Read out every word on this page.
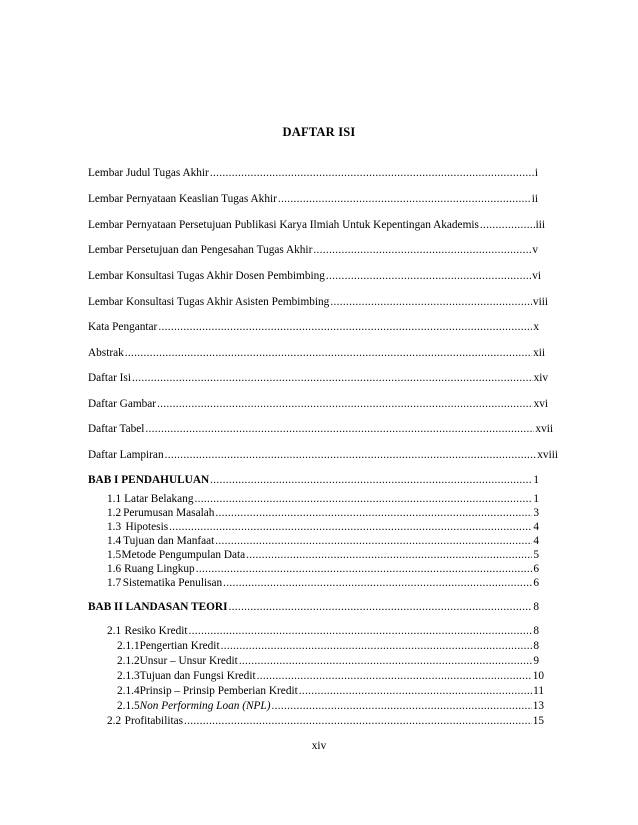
DAFTAR ISI
Lembar Judul Tugas Akhir .....	i
Lembar Pernyataan Keaslian Tugas Akhir .....	ii
Lembar Pernyataan Persetujuan Publikasi Karya Ilmiah Untuk Kepentingan Akademis .....	iii
Lembar Persetujuan dan Pengesahan Tugas Akhir .....	v
Lembar Konsultasi Tugas Akhir Dosen Pembimbing .....	vi
Lembar Konsultasi Tugas Akhir Asisten Pembimbing .....	viii
Kata Pengantar .....	x
Abstrak .....	xii
Daftar Isi .....	xiv
Daftar Gambar .....	xvi
Daftar Tabel .....	xvii
Daftar Lampiran .....	xviii
BAB I PENDAHULUAN .....	1
1.1 Latar Belakang .....	1
1.2 Perumusan Masalah .....	3
1.3 Hipotesis .....	4
1.4 Tujuan dan Manfaat .....	4
1.5 Metode Pengumpulan Data .....	5
1.6 Ruang Lingkup .....	6
1.7 Sistematika Penulisan .....	6
BAB II LANDASAN TEORI .....	8
2.1 Resiko Kredit .....	8
2.1.1 Pengertian Kredit .....	8
2.1.2 Unsur – Unsur Kredit .....	9
2.1.3 Tujuan dan Fungsi Kredit .....	10
2.1.4 Prinsip – Prinsip Pemberian Kredit .....	11
2.1.5 Non Performing Loan (NPL) .....	13
2.2 Profitabilitas .....	15
xiv
